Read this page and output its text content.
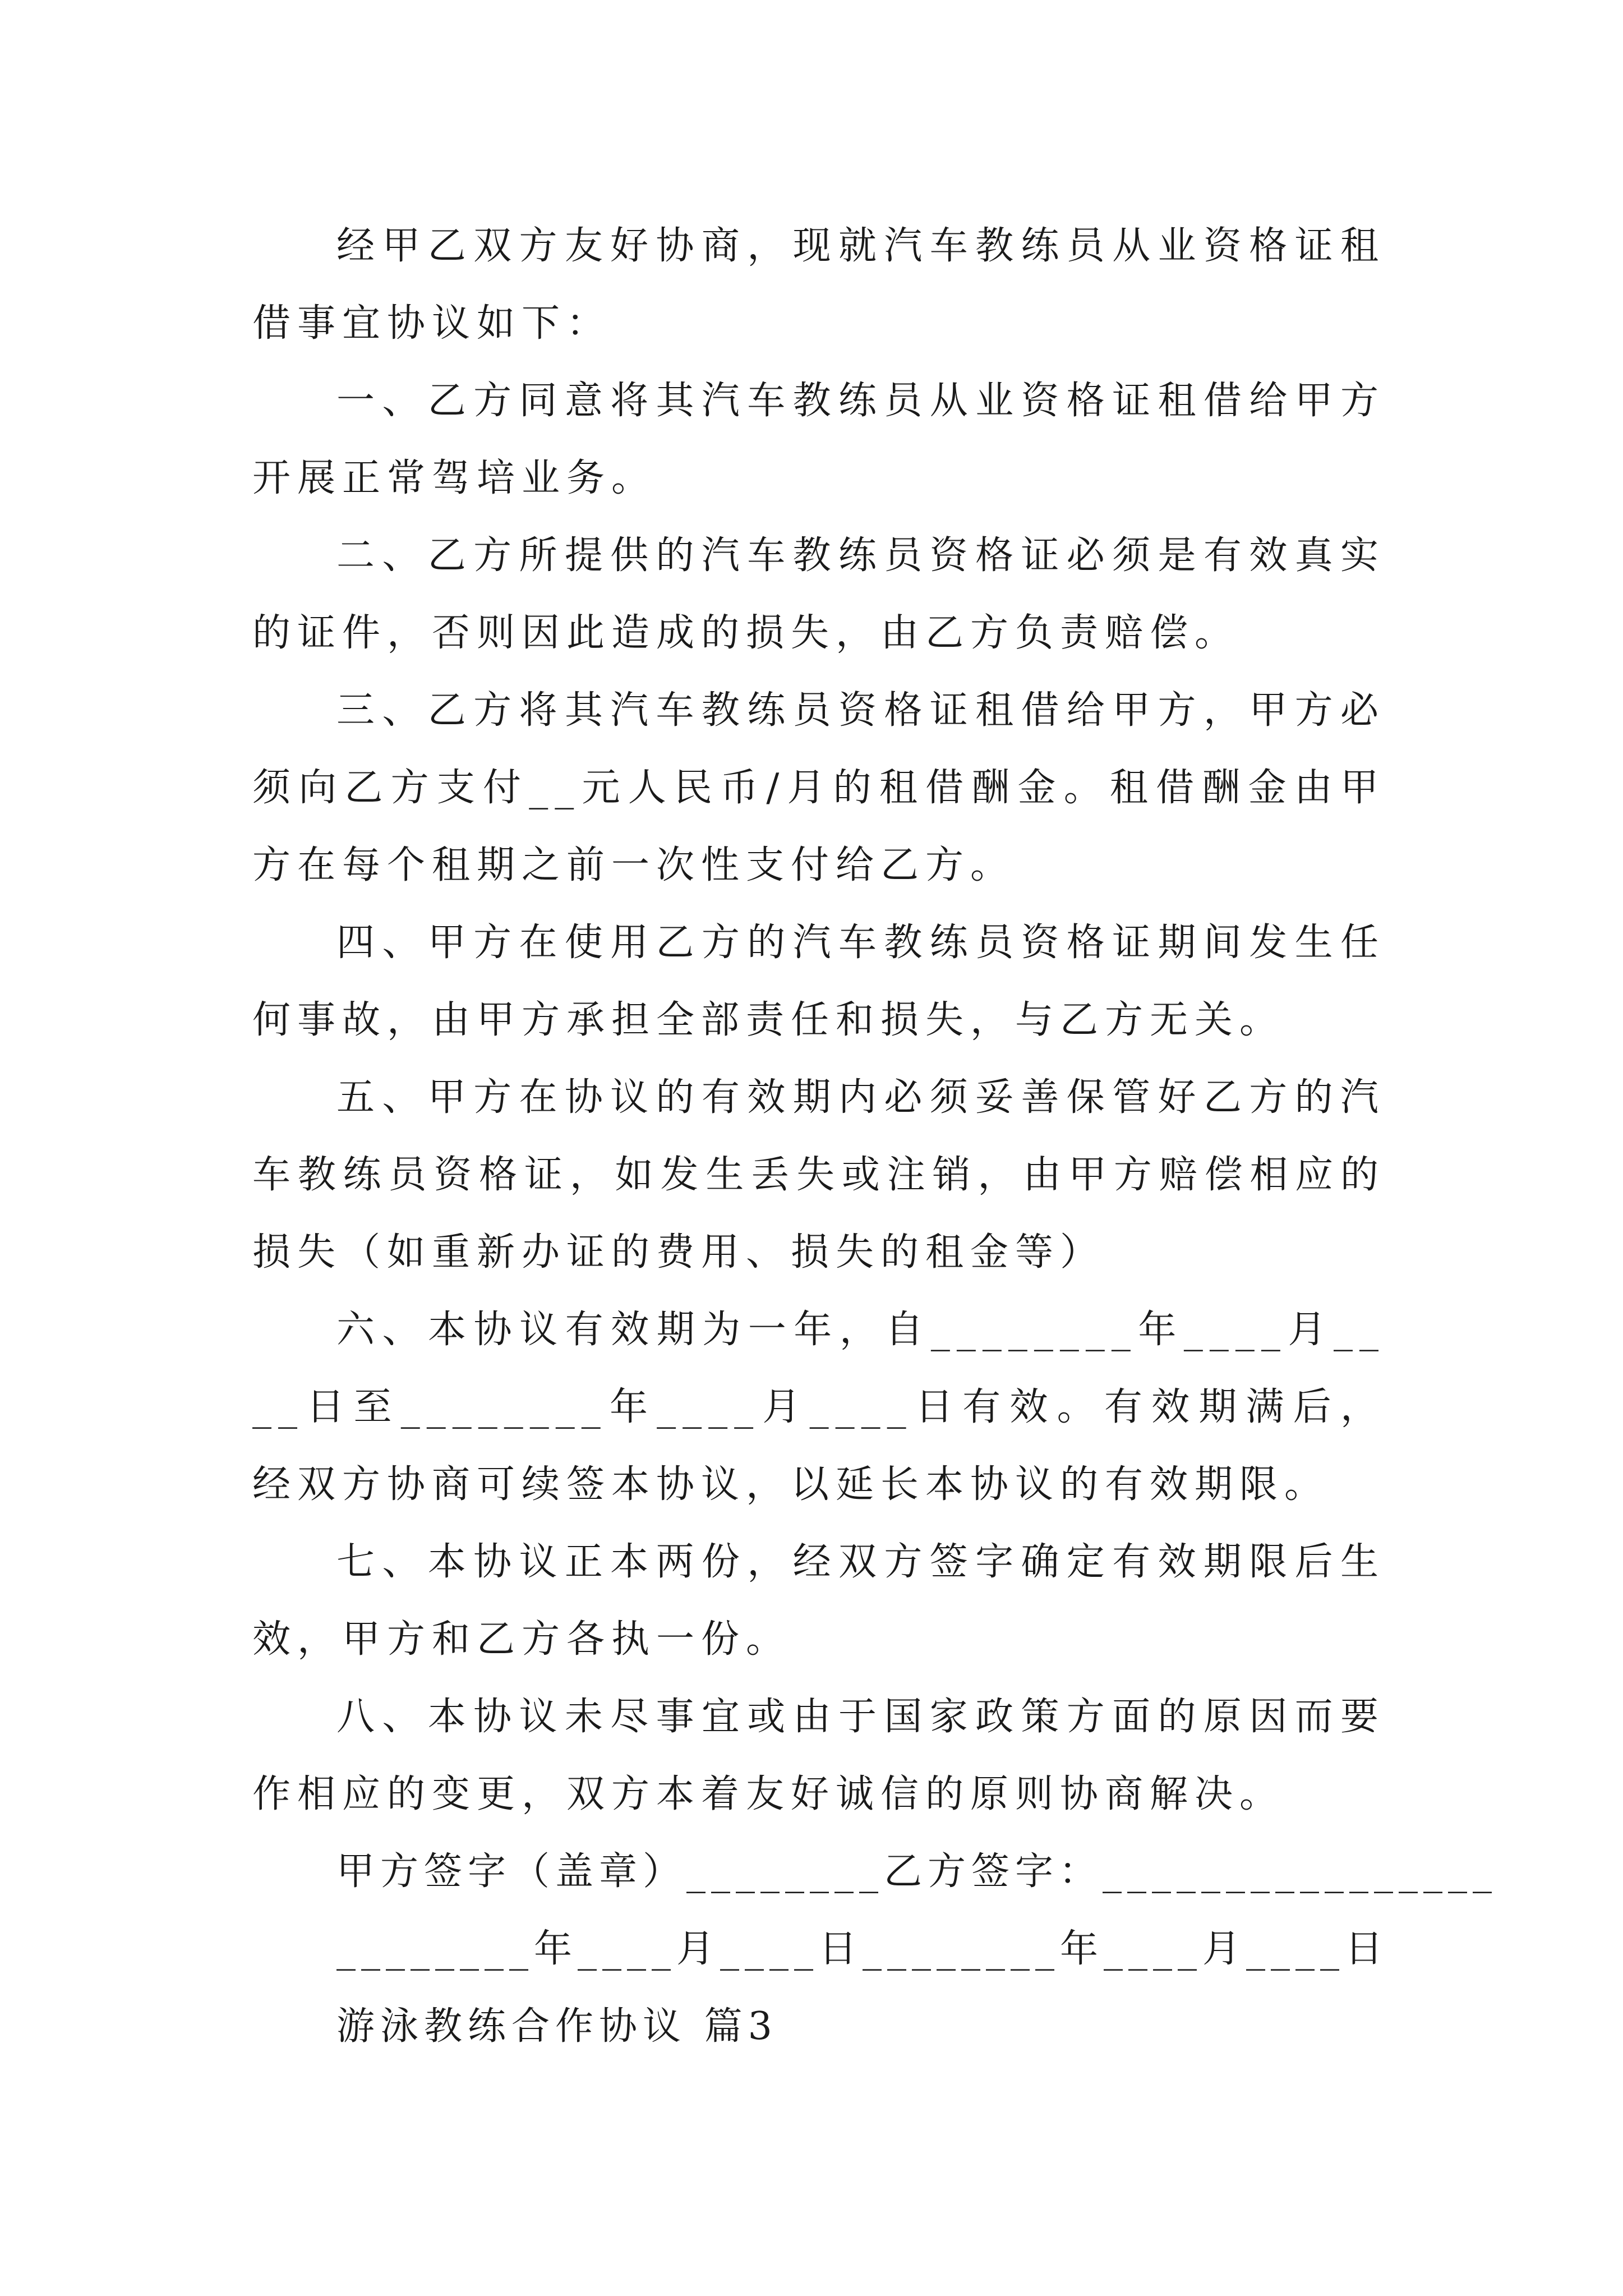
经甲乙双方友好协商，现就汽车教练员从业资格证租借事宜协议如下：

一、乙方同意将其汽车教练员从业资格证租借给甲方开展正常驾培业务。

二、乙方所提供的汽车教练员资格证必须是有效真实的证件，否则因此造成的损失，由乙方负责赔偿。

三、乙方将其汽车教练员资格证租借给甲方，甲方必须向乙方支付__元人民币/月的租借酬金。租借酬金由甲方在每个租期之前一次性支付给乙方。

四、甲方在使用乙方的汽车教练员资格证期间发生任何事故，由甲方承担全部责任和损失，与乙方无关。

五、甲方在协议的有效期内必须妥善保管好乙方的汽车教练员资格证，如发生丢失或注销，由甲方赔偿相应的损失（如重新办证的费用、损失的租金等）

六、本协议有效期为一年，自________年____月____日至________年____月____日有效。有效期满后，经双方协商可续签本协议，以延长本协议的有效期限。

七、本协议正本两份，经双方签字确定有效期限后生效，甲方和乙方各执一份。

八、本协议未尽事宜或由于国家政策方面的原因而要作相应的变更，双方本着友好诚信的原则协商解决。

甲方签字（盖章）________乙方签字：________________

________年____月____日________年____月____日

游泳教练合作协议 篇3
